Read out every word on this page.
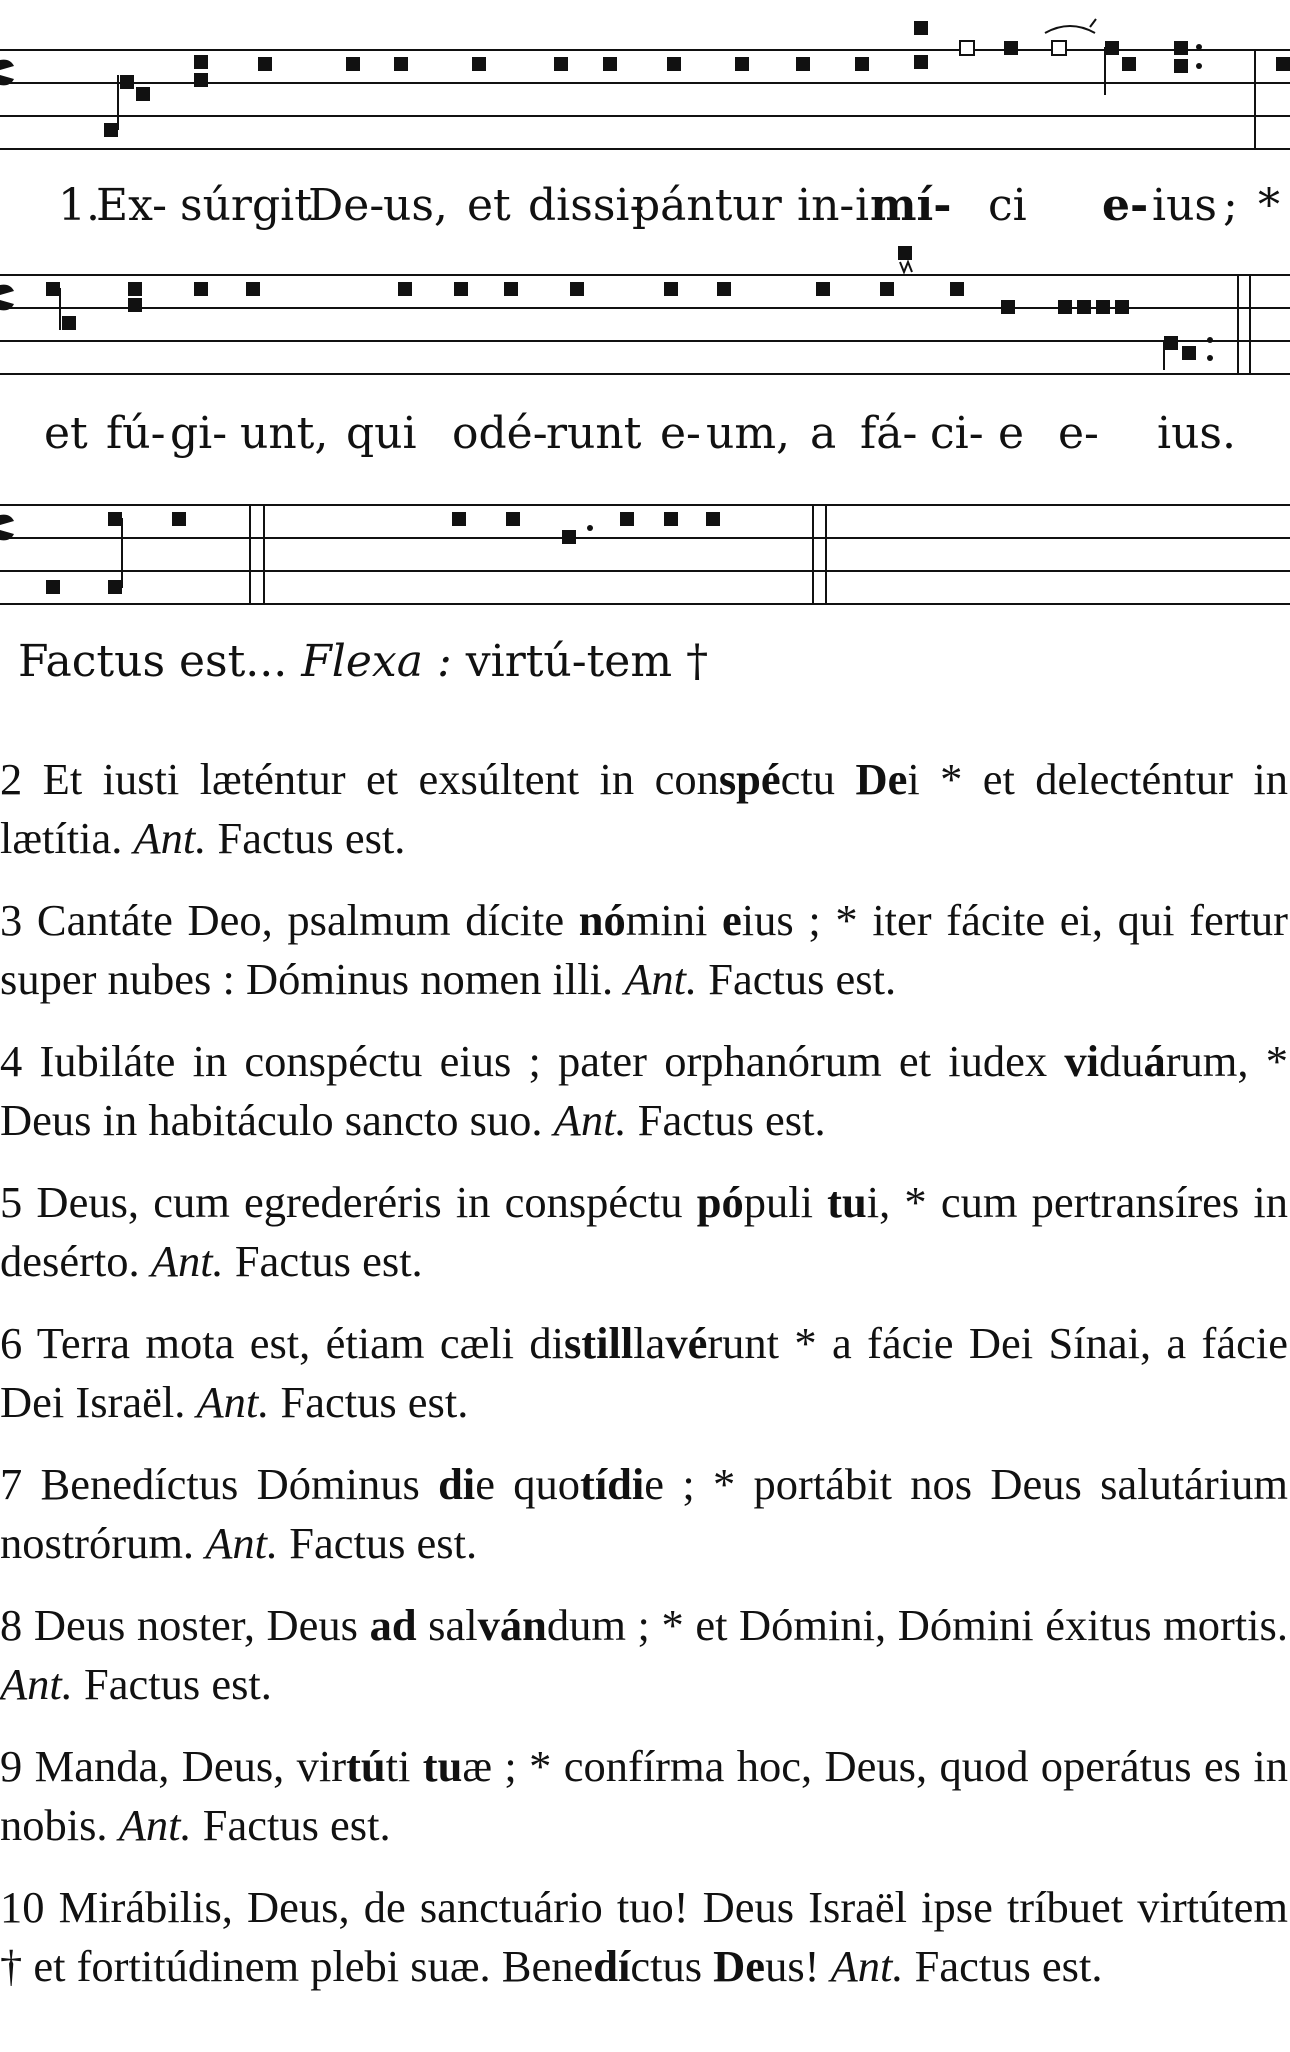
1.
Ex- súrgit
De-
us, et dissi-
pántur in- i mí- ci e- ius ; *
et fú- gi- unt, qui odé-
runt e- um, a fá- ci- e e- ius.
Factus est... Flexa : virtú-tem †

2 Et iusti læténtur et exsúltent in conspéctu Dei * et delecténtur in lætítia. Ant. Factus est.

3 Cantáte Deo, psalmum dícite nómini eius ; * iter fácite ei, qui fertur super nubes : Dóminus nomen illi. Ant. Factus est.

4 Iubiláte in conspéctu eius ; pater orphanórum et iudex viduárum, * Deus in habitáculo sancto suo. Ant. Factus est.

5 Deus, cum egrederéris in conspéctu pópuli tui, * cum pertransíres in desérto. Ant. Factus est.

6 Terra mota est, étiam cæli distilllavérunt * a fácie Dei Sínai, a fácie Dei Israël. Ant. Factus est.

7 Benedíctus Dóminus die quotídie ; * portábit nos Deus salutárium nostrórum. Ant. Factus est.

8 Deus noster, Deus ad salvándum ; * et Dómini, Dómini éxitus mortis. Ant. Factus est.

9 Manda, Deus, virtúti tuæ ; * confírma hoc, Deus, quod operátus es in nobis. Ant. Factus est.

10 Mirábilis, Deus, de sanctuário tuo! Deus Israël ipse tríbuet virtútem † et fortitúdinem plebi suæ. Benedíctus Deus! Ant. Factus est.
